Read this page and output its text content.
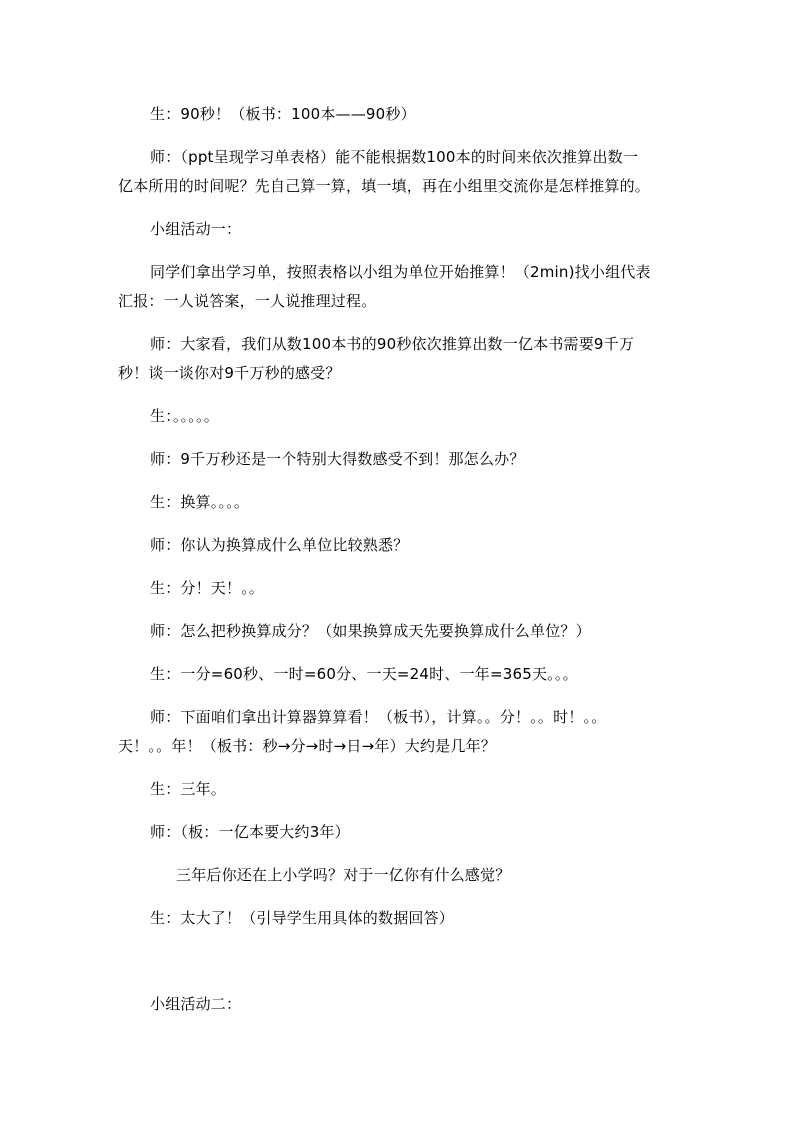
生：90秒！（板书：100本——90秒）
师：（ppt呈现学习单表格）能不能根据数100本的时间来依次推算出数一
亿本所用的时间呢？先自己算一算，填一填，再在小组里交流你是怎样推算的。
小组活动一：
同学们拿出学习单，按照表格以小组为单位开始推算！（2min)找小组代表
汇报：一人说答案，一人说推理过程。
师：大家看，我们从数100本书的90秒依次推算出数一亿本书需要9千万
秒！谈一谈你对9千万秒的感受？
生：。。。。。
师：9千万秒还是一个特别大得数感受不到！那怎么办？
生：换算。。。。
师：你认为换算成什么单位比较熟悉？
生：分！天！。。
师：怎么把秒换算成分？（如果换算成天先要换算成什么单位？）
生：一分=60秒、一时=60分、一天=24时、一年=365天。。。
师：下面咱们拿出计算器算算看！（板书），计算。。分！。。时！。。
天！。。年！（板书：秒→分→时→日→年）大约是几年？
生：三年。
师：（板：一亿本要大约3年）
三年后你还在上小学吗？对于一亿你有什么感觉？
生：太大了！（引导学生用具体的数据回答）
小组活动二：
